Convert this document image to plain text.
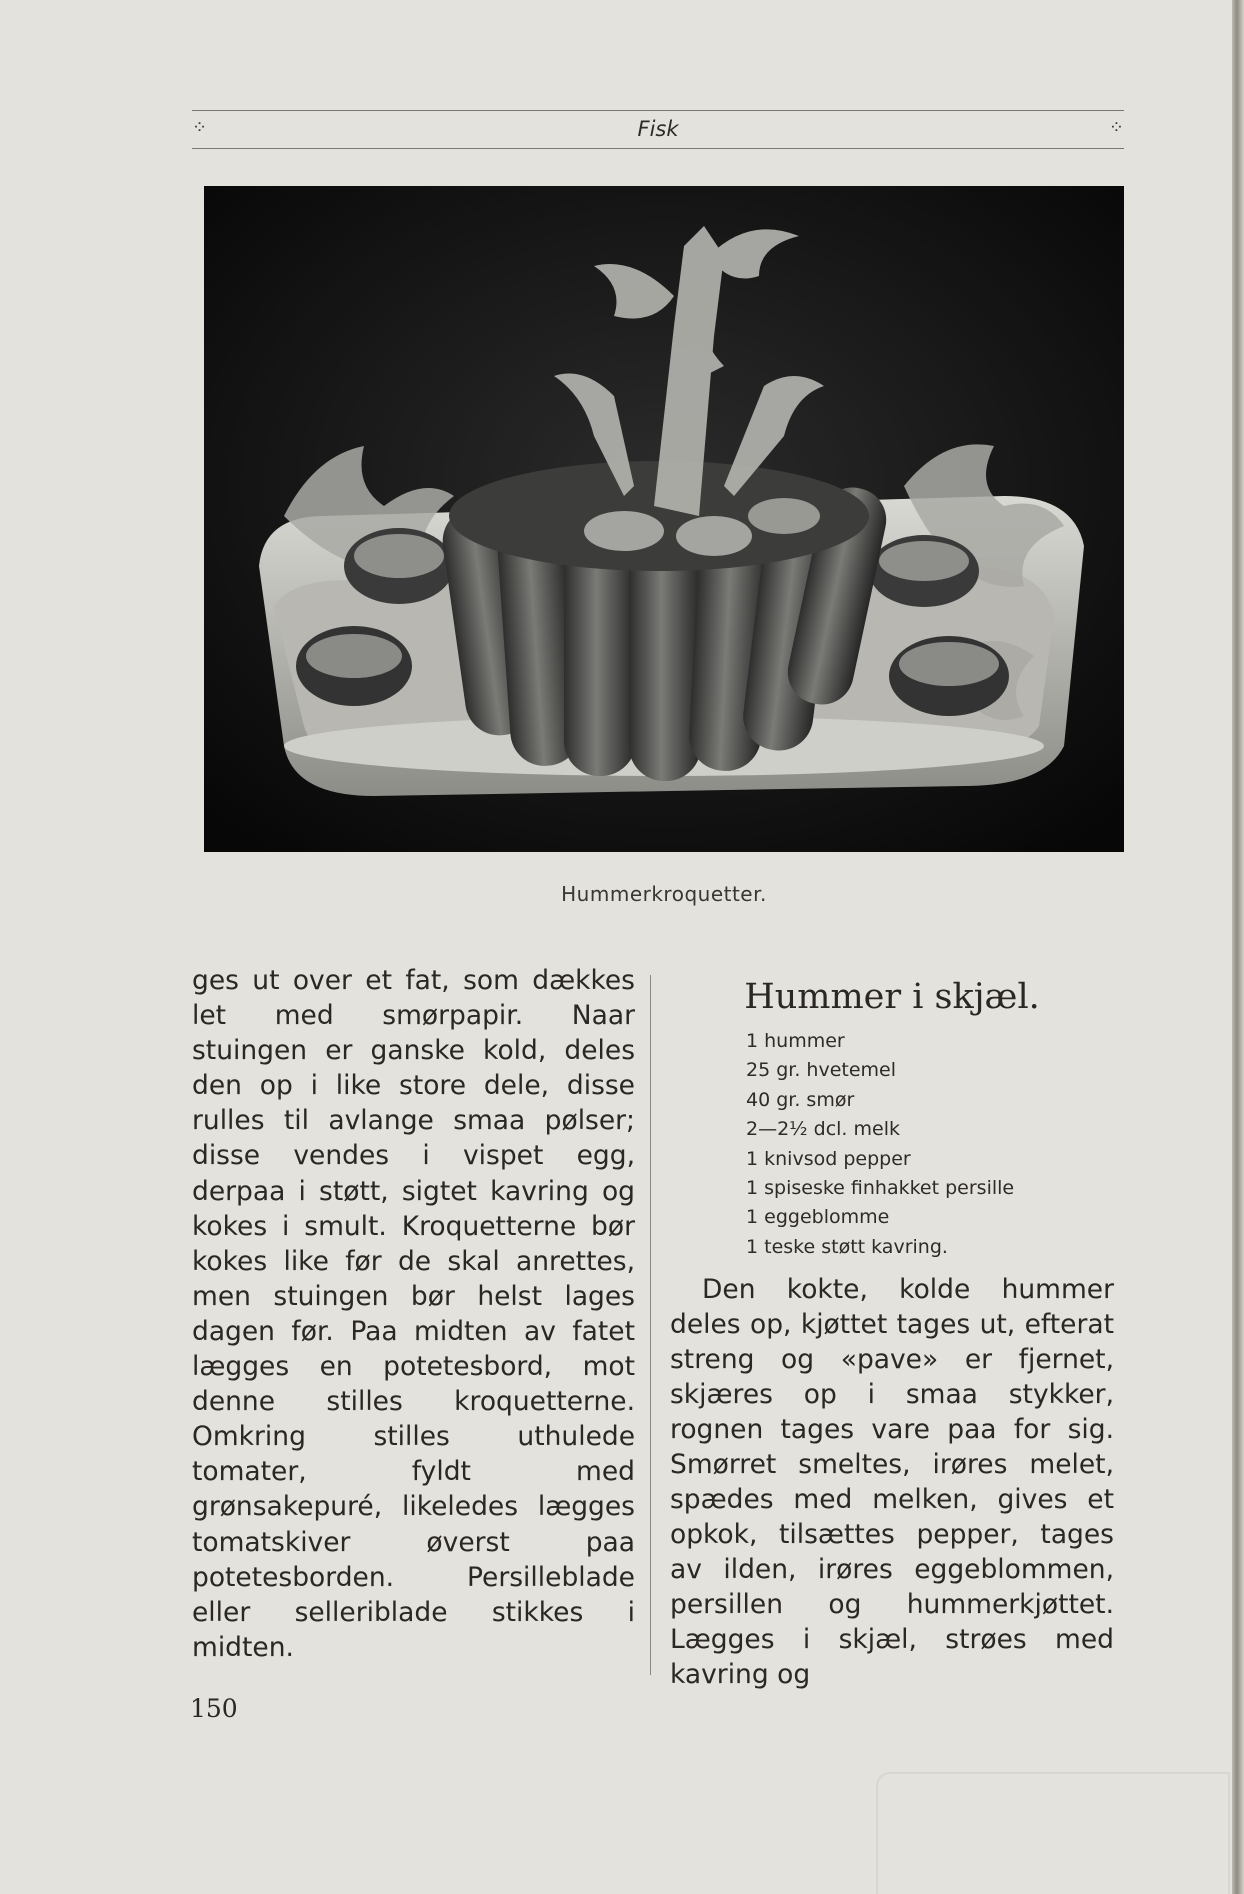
⁘	Fisk	⁘
Hummerkroquetter.

ges ut over et fat, som dækkes let med smørpapir. Naar stuingen er ganske kold, deles den op i like store dele, disse rulles til avlange smaa pølser; disse vendes i vispet egg, derpaa i støtt, sigtet kavring og kokes i smult. Kroquetterne bør kokes like før de skal anrettes, men stuingen bør helst lages dagen før. Paa midten av fatet lægges en potetesbord, mot denne stilles kroquetterne. Omkring stilles uthulede tomater, fyldt med grønsakepuré, likeledes lægges tomatskiver øverst paa potetesborden. Persilleblade eller selleriblade stikkes i midten.

Hummer i skjæl.
1 hummer
25 gr. hvetemel
40 gr. smør
2—2½ dcl. melk
1 knivsod pepper
1 spiseske finhakket persille
1 eggeblomme
1 teske støtt kavring.

Den kokte, kolde hummer deles op, kjøttet tages ut, efterat streng og «pave» er fjernet, skjæres op i smaa stykker, rognen tages vare paa for sig. Smørret smeltes, irøres melet, spædes med melken, gives et opkok, tilsættes pepper, tages av ilden, irøres eggeblommen, persillen og hummerkjøttet. Lægges i skjæl, strøes med kavring og

150
